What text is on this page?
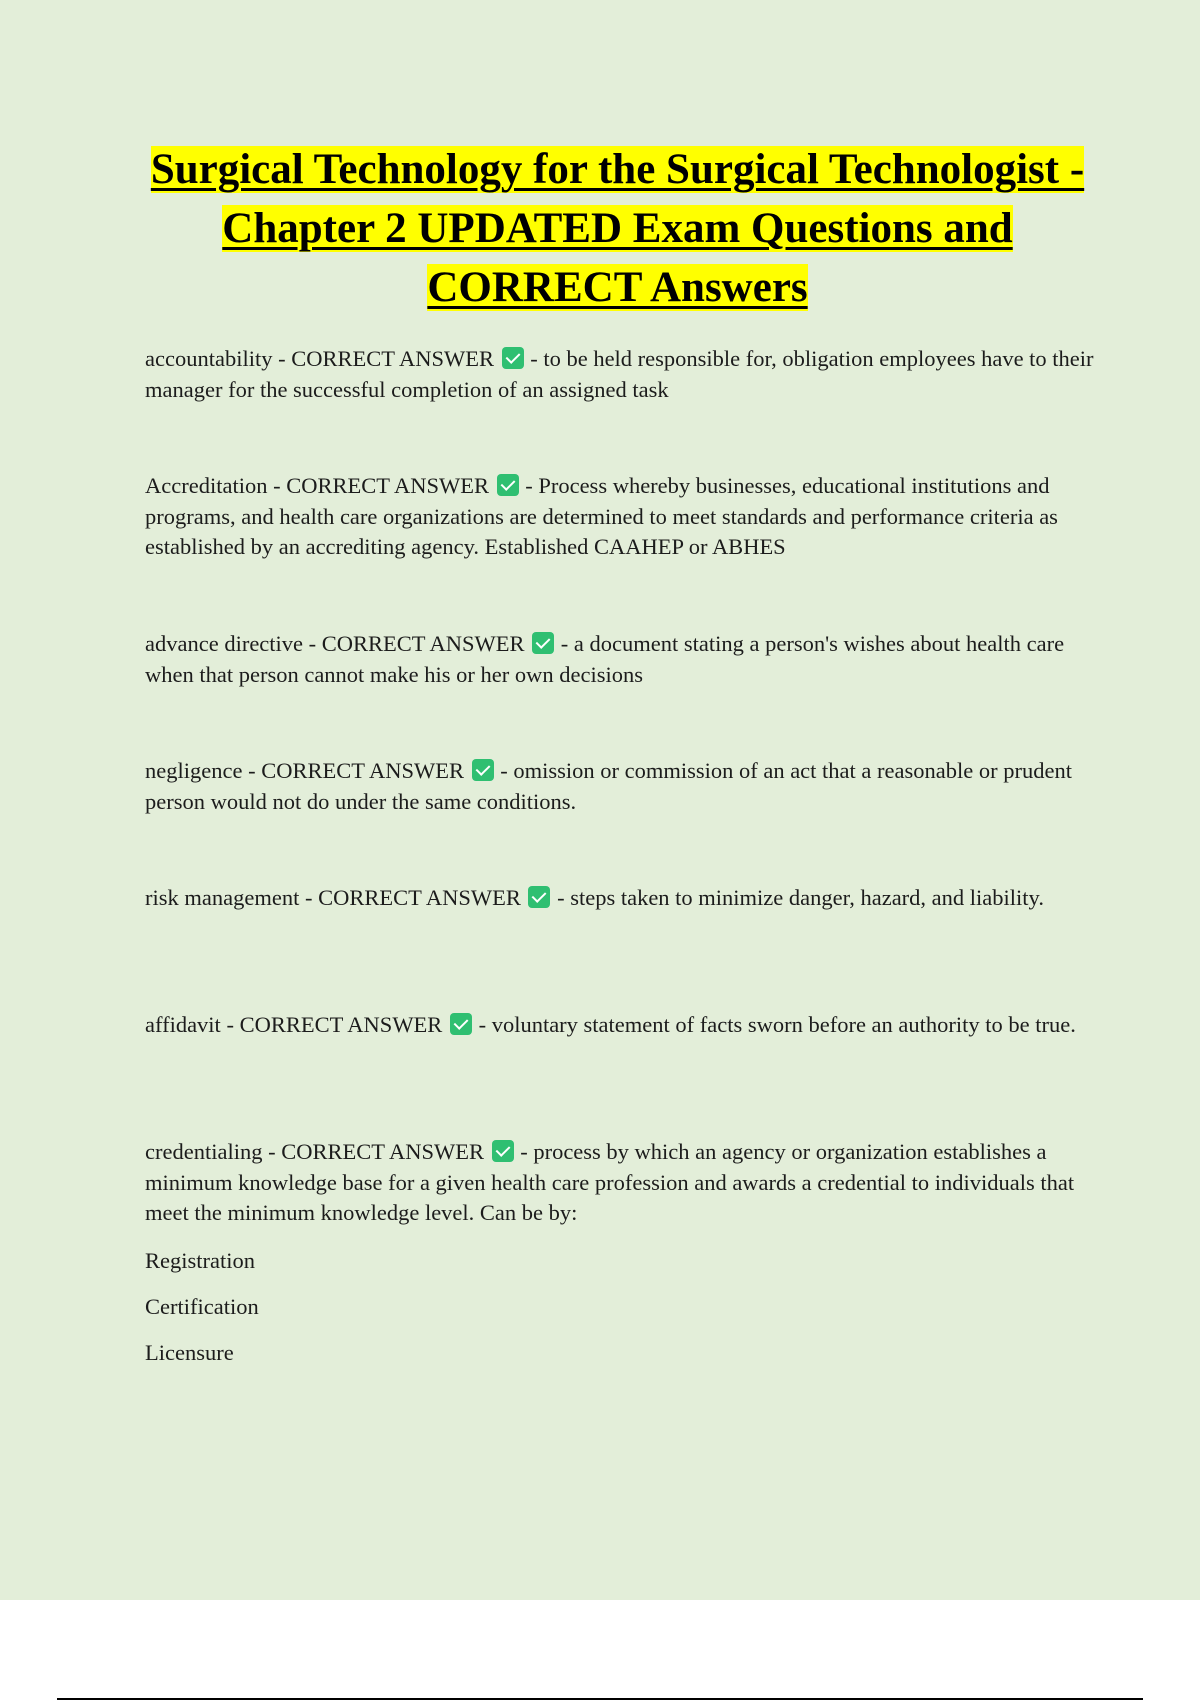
Surgical Technology for the Surgical Technologist - Chapter 2 UPDATED Exam Questions and CORRECT Answers

accountability - CORRECT ANSWER  - to be held responsible for, obligation employees have to their manager for the successful completion of an assigned task

Accreditation - CORRECT ANSWER  - Process whereby businesses, educational institutions and programs, and health care organizations are determined to meet standards and performance criteria as established by an accrediting agency. Established CAAHEP or ABHES

advance directive - CORRECT ANSWER  - a document stating a person's wishes about health care when that person cannot make his or her own decisions

negligence - CORRECT ANSWER  - omission or commission of an act that a reasonable or prudent person would not do under the same conditions.

risk management - CORRECT ANSWER  - steps taken to minimize danger, hazard, and liability.

affidavit - CORRECT ANSWER  - voluntary statement of facts sworn before an authority to be true.

credentialing - CORRECT ANSWER  - process by which an agency or organization establishes a minimum knowledge base for a given health care profession and awards a credential to individuals that meet the minimum knowledge level. Can be by:

Registration

Certification

Licensure
